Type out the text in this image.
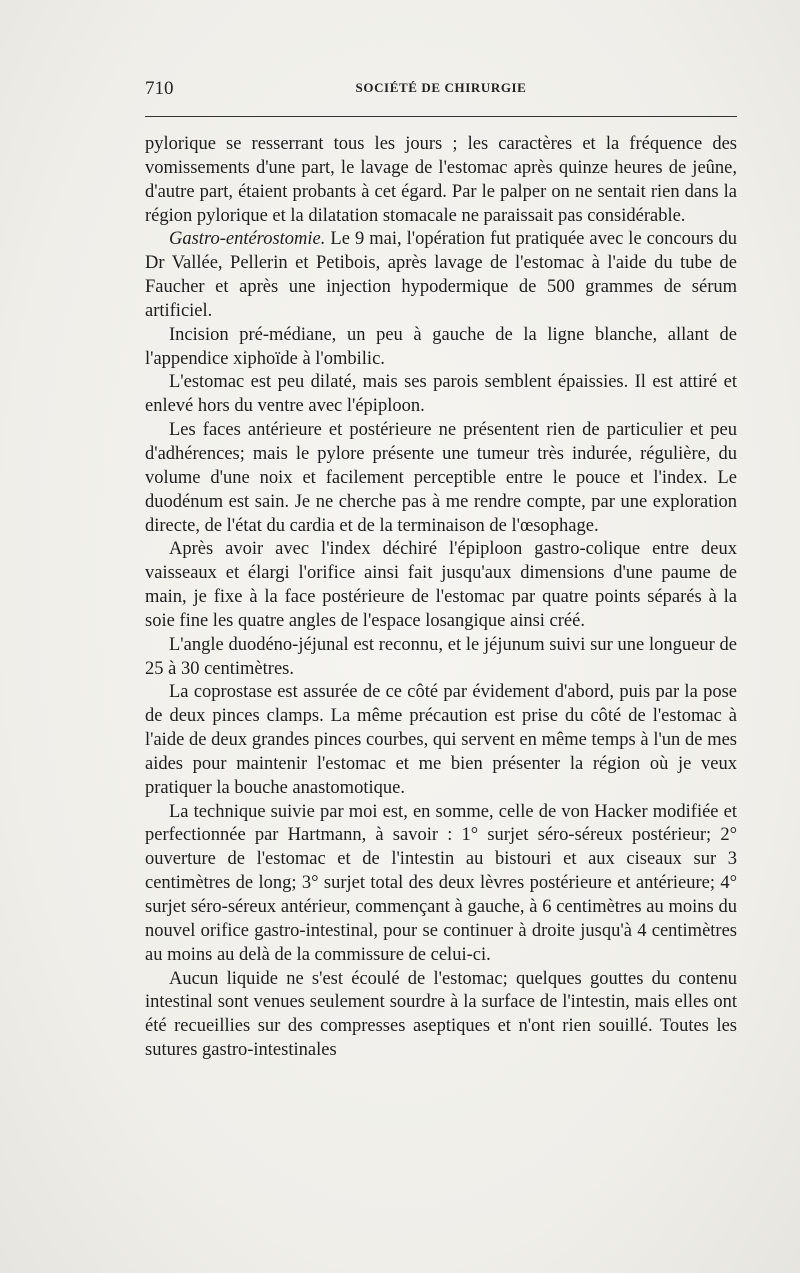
710	SOCIÉTÉ DE CHIRURGIE

pylorique se resserrant tous les jours ; les caractères et la fréquence des vomissements d'une part, le lavage de l'estomac après quinze heures de jeûne, d'autre part, étaient probants à cet égard. Par le palper on ne sentait rien dans la région pylorique et la dilatation stomacale ne paraissait pas considérable.

Gastro-entérostomie. Le 9 mai, l'opération fut pratiquée avec le concours du Dr Vallée, Pellerin et Petibois, après lavage de l'estomac à l'aide du tube de Faucher et après une injection hypodermique de 500 grammes de sérum artificiel.

Incision pré-médiane, un peu à gauche de la ligne blanche, allant de l'appendice xiphoïde à l'ombilic.

L'estomac est peu dilaté, mais ses parois semblent épaissies. Il est attiré et enlevé hors du ventre avec l'épiploon.

Les faces antérieure et postérieure ne présentent rien de particulier et peu d'adhérences; mais le pylore présente une tumeur très indurée, régulière, du volume d'une noix et facilement perceptible entre le pouce et l'index. Le duodénum est sain. Je ne cherche pas à me rendre compte, par une exploration directe, de l'état du cardia et de la terminaison de l'œsophage.

Après avoir avec l'index déchiré l'épiploon gastro-colique entre deux vaisseaux et élargi l'orifice ainsi fait jusqu'aux dimensions d'une paume de main, je fixe à la face postérieure de l'estomac par quatre points séparés à la soie fine les quatre angles de l'espace losangique ainsi créé.

L'angle duodéno-jéjunal est reconnu, et le jéjunum suivi sur une longueur de 25 à 30 centimètres.

La coprostase est assurée de ce côté par évidement d'abord, puis par la pose de deux pinces clamps. La même précaution est prise du côté de l'estomac à l'aide de deux grandes pinces courbes, qui servent en même temps à l'un de mes aides pour maintenir l'estomac et me bien présenter la région où je veux pratiquer la bouche anastomotique.

La technique suivie par moi est, en somme, celle de von Hacker modifiée et perfectionnée par Hartmann, à savoir : 1° surjet séro-séreux postérieur; 2° ouverture de l'estomac et de l'intestin au bistouri et aux ciseaux sur 3 centimètres de long; 3° surjet total des deux lèvres postérieure et antérieure; 4° surjet séro-séreux antérieur, commençant à gauche, à 6 centimètres au moins du nouvel orifice gastro-intestinal, pour se continuer à droite jusqu'à 4 centimètres au moins au delà de la commissure de celui-ci.

Aucun liquide ne s'est écoulé de l'estomac; quelques gouttes du contenu intestinal sont venues seulement sourdre à la surface de l'intestin, mais elles ont été recueillies sur des compresses aseptiques et n'ont rien souillé. Toutes les sutures gastro-intestinales
